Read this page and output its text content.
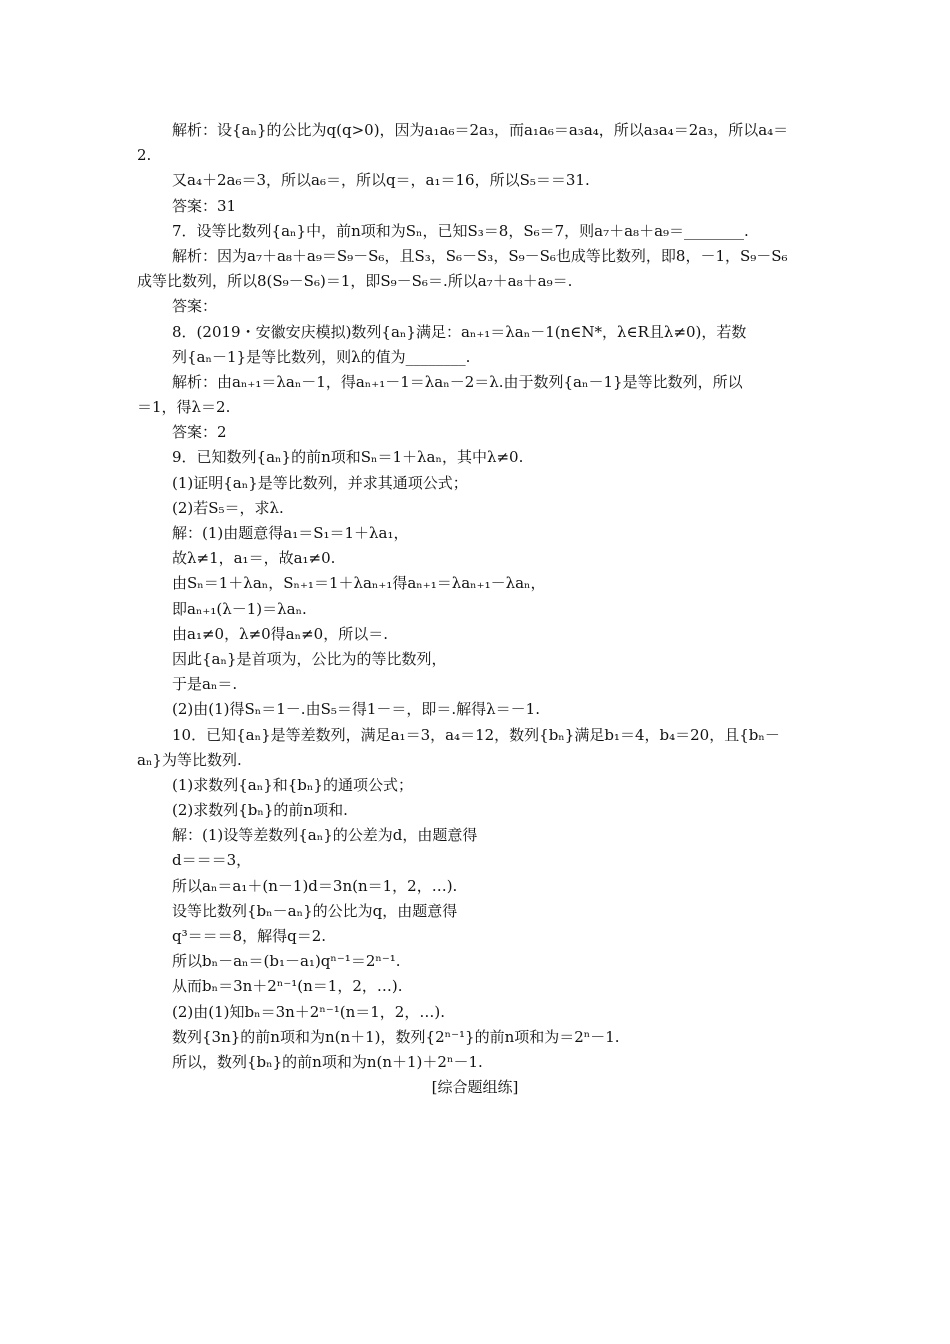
解析：设{aₙ}的公比为q(q>0)，因为a₁a₆＝2a₃，而a₁a₆＝a₃a₄，所以a₃a₄＝2a₃，所以a₄＝
2.
又a₄＋2a₆＝3，所以a₆＝，所以q＝，a₁＝16，所以S₅＝＝31.
答案：31
7．设等比数列{aₙ}中，前n项和为Sₙ，已知S₃＝8，S₆＝7，则a₇＋a₈＋a₉＝________.
解析：因为a₇＋a₈＋a₉＝S₉－S₆，且S₃，S₆－S₃，S₉－S₆也成等比数列，即8，－1，S₉－S₆
成等比数列，所以8(S₉－S₆)＝1，即S₉－S₆＝.所以a₇＋a₈＋a₉＝.
答案：
8．(2019・安徽安庆模拟)数列{aₙ}满足：aₙ₊₁＝λaₙ－1(n∈N*，λ∈R且λ≠0)，若数
列{aₙ－1}是等比数列，则λ的值为________.
解析：由aₙ₊₁＝λaₙ－1，得aₙ₊₁－1＝λaₙ－2＝λ.由于数列{aₙ－1}是等比数列，所以
＝1，得λ＝2.
答案：2
9．已知数列{aₙ}的前n项和Sₙ＝1＋λaₙ，其中λ≠0.
(1)证明{aₙ}是等比数列，并求其通项公式；
(2)若S₅＝，求λ.
解：(1)由题意得a₁＝S₁＝1＋λa₁，
故λ≠1，a₁＝，故a₁≠0.
由Sₙ＝1＋λaₙ，Sₙ₊₁＝1＋λaₙ₊₁得aₙ₊₁＝λaₙ₊₁－λaₙ，
即aₙ₊₁(λ－1)＝λaₙ.
由a₁≠0，λ≠0得aₙ≠0，所以＝.
因此{aₙ}是首项为，公比为的等比数列，
于是aₙ＝.
(2)由(1)得Sₙ＝1－.由S₅＝得1－＝，即＝.解得λ＝－1.
10．已知{aₙ}是等差数列，满足a₁＝3，a₄＝12，数列{bₙ}满足b₁＝4，b₄＝20，且{bₙ－
aₙ}为等比数列.
(1)求数列{aₙ}和{bₙ}的通项公式；
(2)求数列{bₙ}的前n项和.
解：(1)设等差数列{aₙ}的公差为d，由题意得
d＝＝＝3，
所以aₙ＝a₁＋(n－1)d＝3n(n＝1，2，…).
设等比数列{bₙ－aₙ}的公比为q，由题意得
q³＝＝＝8，解得q＝2.
所以bₙ－aₙ＝(b₁－a₁)qⁿ⁻¹＝2ⁿ⁻¹.
从而bₙ＝3n＋2ⁿ⁻¹(n＝1，2，…).
(2)由(1)知bₙ＝3n＋2ⁿ⁻¹(n＝1，2，…).
数列{3n}的前n项和为n(n＋1)，数列{2ⁿ⁻¹}的前n项和为＝2ⁿ－1.
所以，数列{bₙ}的前n项和为n(n＋1)＋2ⁿ－1.
[综合题组练]
